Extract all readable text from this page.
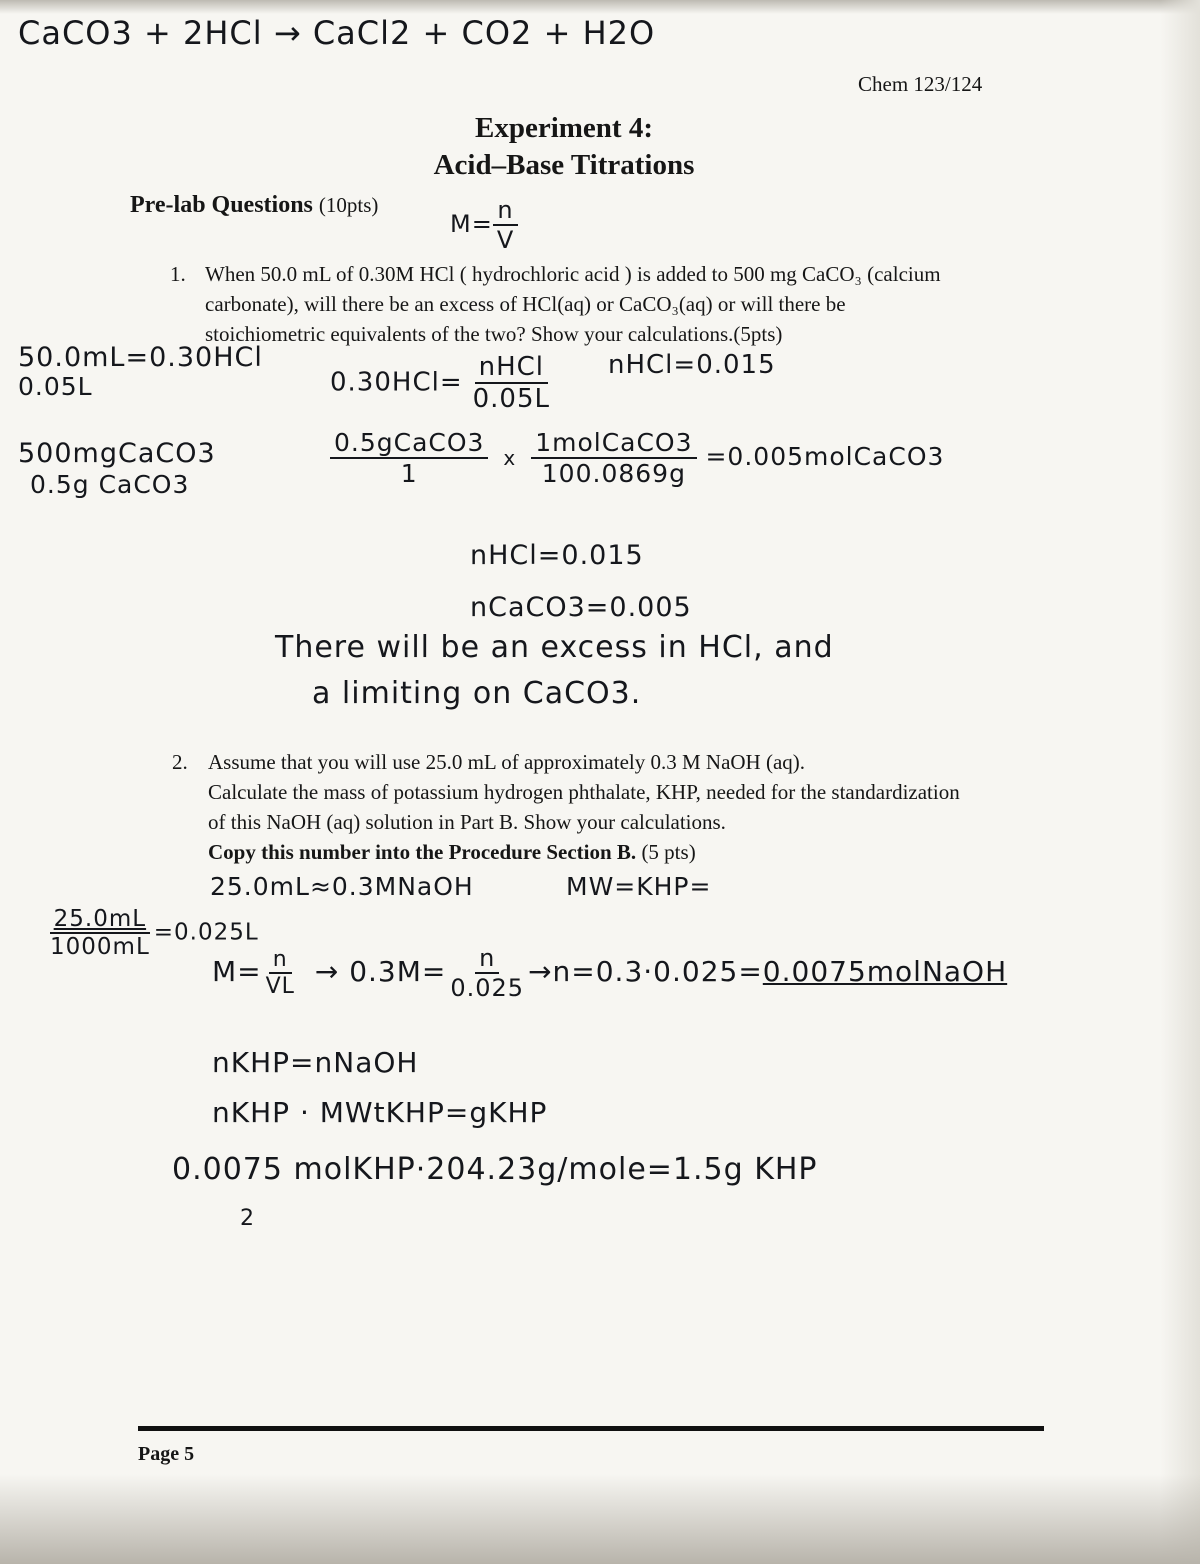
CaCO3 + 2HCl → CaCl2 + CO2 + H2O
Chem 123/124
Experiment 4:
Acid–Base Titrations
Pre-lab Questions (10pts)
$M= \frac{n}{V}$
1. When 50.0 mL of 0.30M HCl ( hydrochloric acid ) is added to 500 mg CaCO₃ (calcium
carbonate), will there be an excess of HCl(aq) or CaCO₃(aq) or will there be
stoichiometric equivalents of the two? Show your calculations.(5pts)
50.0mL=0.30HCl
0.05L	$0.30HCl= \frac{\text{nHCl}}{0.05L}$ nHCl=0.015
500mgCaCO3
0.5g CaCO3	$\frac{\text{0.5gCaCO3}}{1}$ x $\frac{\text{1molCaCO3}}{100.0869g}$ =0.005molCaCO3
nHCl=0.015
nCaCO3=0.005
There will be an excess in HCl, and
a limiting on CaCO3.
2. Assume that you will use 25.0 mL of approximately 0.3 M NaOH (aq).
Calculate the mass of potassium hydrogen phthalate, KHP, needed for the standardization
of this NaOH (aq) solution in Part B. Show your calculations.
Copy this number into the Procedure Section B. (5 pts)
25.0mL≈0.3MNaOH	MW=KHP=
$\frac{25.0mL}{1000mL} =0.025L$
$M= \frac{n}{VL} \to 0.3M= \frac{n}{0.025}$ →n=0.3·0.025=0.0075molNaOH
nKHP=nNaOH
nKHP · MWtKHP=gKHP
0.0075 molKHP·204.23g/mole=1.5g KHP
2
Page 5
